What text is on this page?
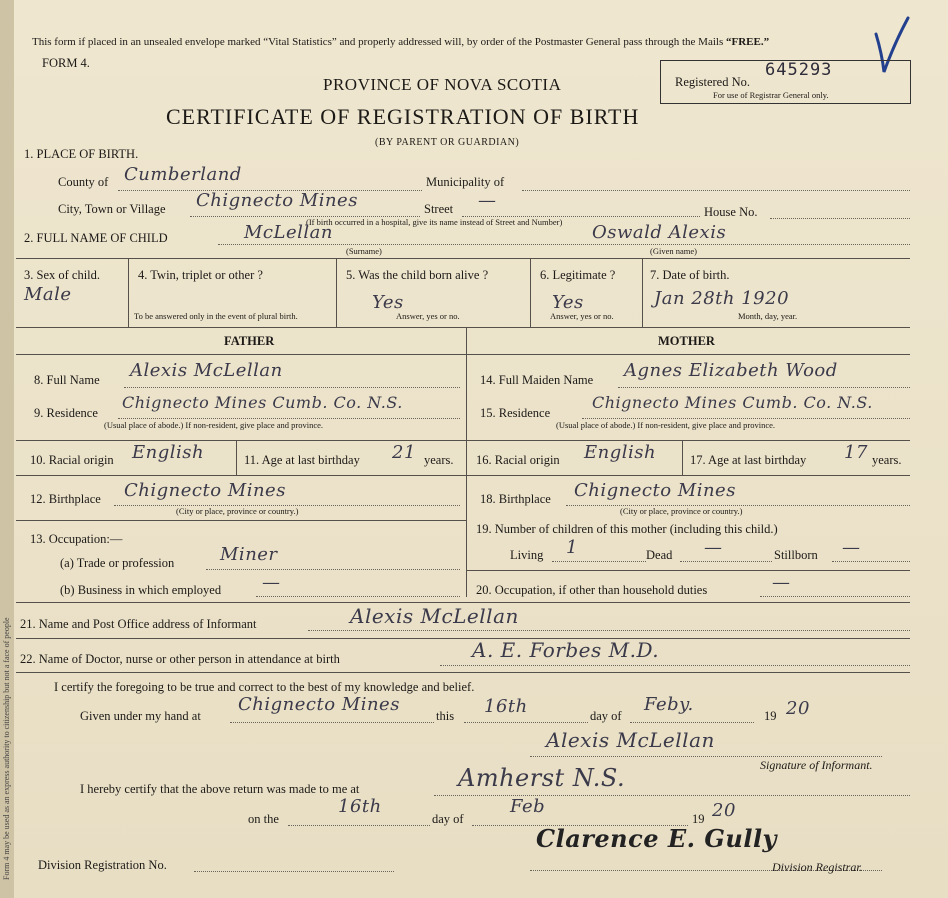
Form 4 may be used as an express authority to citizenship but not a face of people
This form if placed in an unsealed envelope marked “Vital Statistics” and properly addressed will, by order of the Postmaster General pass through the Mails “FREE.”
FORM 4.
PROVINCE OF NOVA SCOTIA
CERTIFICATE OF REGISTRATION OF BIRTH
(BY PARENT OR GUARDIAN)
Registered No.
645293
For use of Registrar General only.
1. PLACE OF BIRTH.
County of Cumberland	Municipality of
City, Town or Village Chignecto Mines	Street —
House No.
(If birth occurred in a hospital, give its name instead of Street and Number)
2. FULL NAME OF CHILD	McLellan
(Surname)
Oswald Alexis
(Given name)
3. Sex of child.
Male
4. Twin, triplet or other ?
To be answered only in the event of plural birth.
5. Was the child born alive ?
Yes
Answer, yes or no.
6. Legitimate ?
Yes
Answer, yes or no.
7. Date of birth.
Jan 28th 1920
Month, day, year.
FATHER	MOTHER
8. Full Name Alexis McLellan
9. Residence
Chignecto Mines Cumb. Co. N.S.
(Usual place of abode.) If non-resident, give place and province.
10. Racial origin English	11. Age at last birthday 21 years.
12. Birthplace Chignecto Mines
(City or place, province or country.)
13. Occupation:—
(a) Trade or profession	Miner
(b) Business in which employed —
14. Full Maiden Name Agnes Elizabeth Wood
15. Residence
Chignecto Mines Cumb. Co. N.S.
(Usual place of abode.) If non-resident, give place and province.
16. Racial origin English	17. Age at last birthday 17 years.
18. Birthplace Chignecto Mines
(City or place, province or country.)
19. Number of children of this mother (including this child.)
Living 1	Dead —	Stillborn —
20. Occupation, if other than household duties	—
21. Name and Post Office address of Informant	Alexis McLellan
22. Name of Doctor, nurse or other person in attendance at birth	A. E. Forbes M.D.
I certify the foregoing to be true and correct to the best of my knowledge and belief.
Given under my hand at
Chignecto Mines
this 16th	day of
Feby.
19 20
Alexis McLellan
Signature of Informant.
I hereby certify that the above return was made to me at	Amherst N.S.
on the
16th
day of
Feb
19 20
Division Registration No.
Clarence E. Gully
Division Registrar.
